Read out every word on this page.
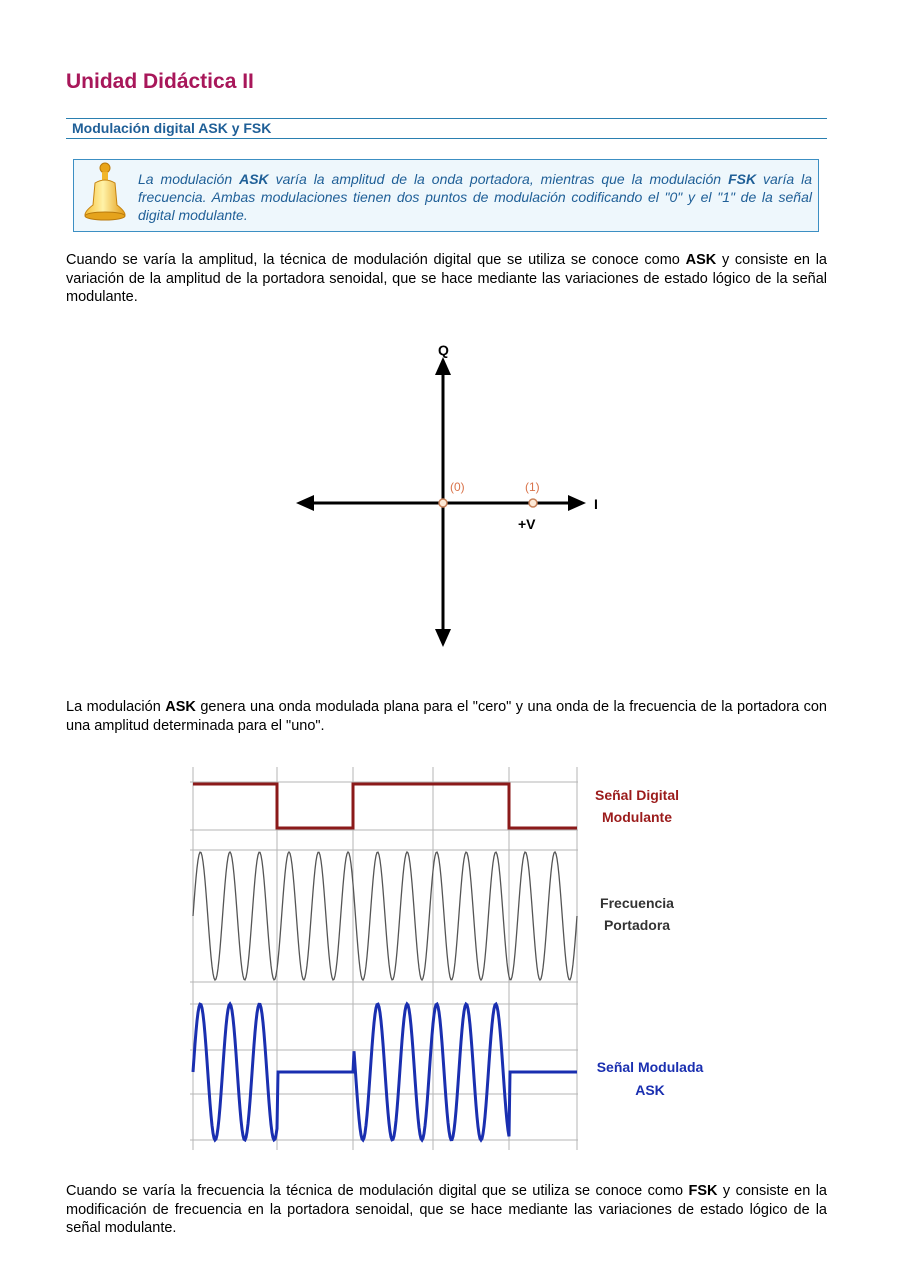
Unidad Didáctica II
Modulación digital ASK y FSK
La modulación ASK varía la amplitud de la onda portadora, mientras que la modulación FSK varía la frecuencia. Ambas modulaciones tienen dos puntos de modulación codificando el "0" y el "1" de la señal digital modulante.
Cuando se varía la amplitud, la técnica de modulación digital que se utiliza se conoce como ASK y consiste en la variación de la amplitud de la portadora senoidal, que se hace mediante las variaciones de estado lógico de la señal modulante.
Q
I
(0)	(1)
+V
La modulación ASK genera una onda modulada plana para el "cero" y una onda de la frecuencia de la portadora con una amplitud determinada para el "uno".
Señal Digital
Modulante
Frecuencia
Portadora
Señal Modulada
ASK
Cuando se varía la frecuencia la técnica de modulación digital que se utiliza se conoce como FSK y consiste en la modificación de frecuencia en la portadora senoidal, que se hace mediante las variaciones de estado lógico de la señal modulante.
